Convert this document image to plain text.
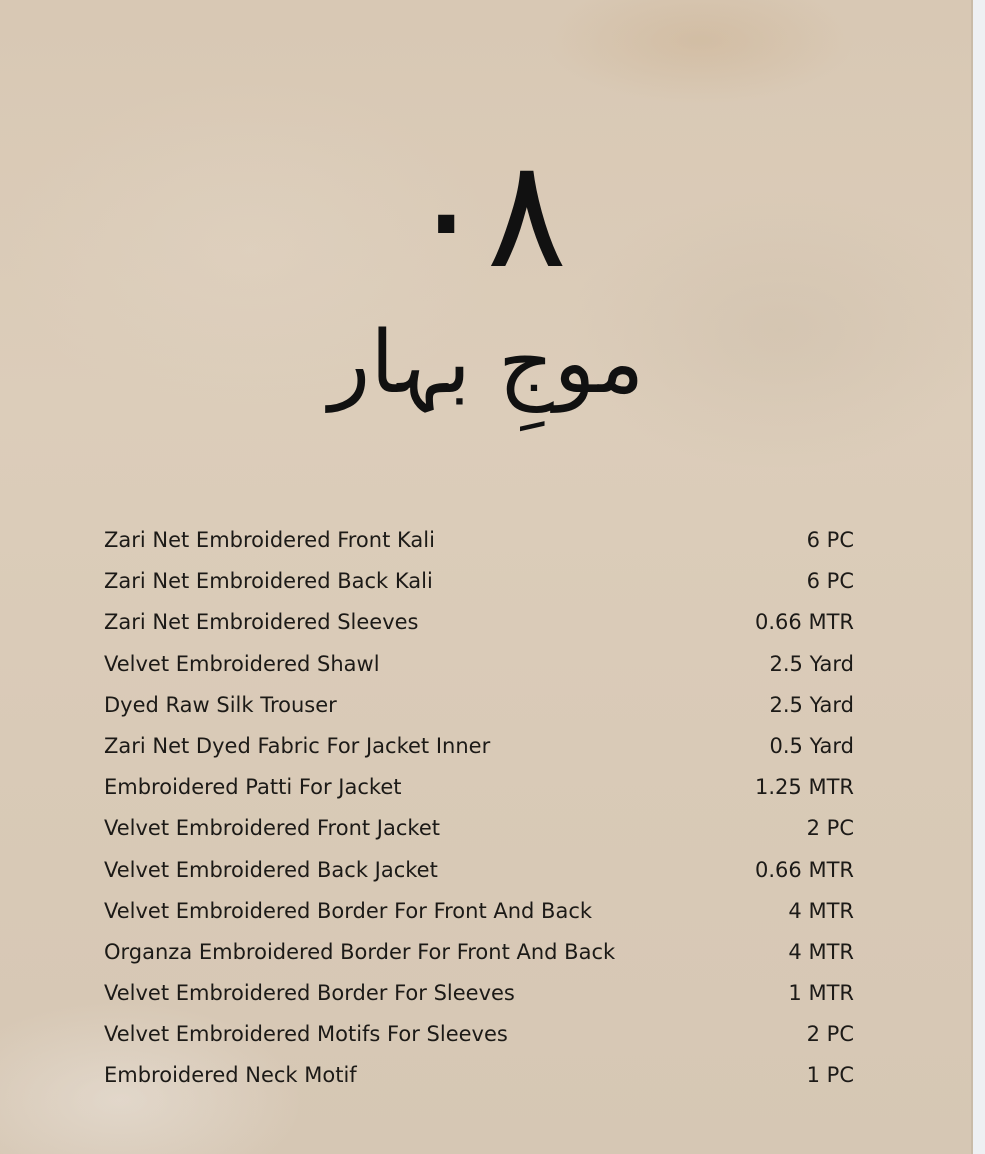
٠٨
موجِ بہار
Zari Net Embroidered Front Kali	6 PC
Zari Net Embroidered Back Kali	6 PC
Zari Net Embroidered Sleeves	0.66 MTR
Velvet Embroidered Shawl	2.5 Yard
Dyed Raw Silk Trouser	2.5 Yard
Zari Net Dyed Fabric For Jacket Inner	0.5 Yard
Embroidered Patti For Jacket	1.25 MTR
Velvet Embroidered Front Jacket	2 PC
Velvet Embroidered Back Jacket	0.66 MTR
Velvet Embroidered Border For Front And Back	4 MTR
Organza Embroidered Border For Front And Back	4 MTR
Velvet Embroidered Border For Sleeves	1 MTR
Velvet Embroidered Motifs For Sleeves	2 PC
Embroidered Neck Motif	1 PC
